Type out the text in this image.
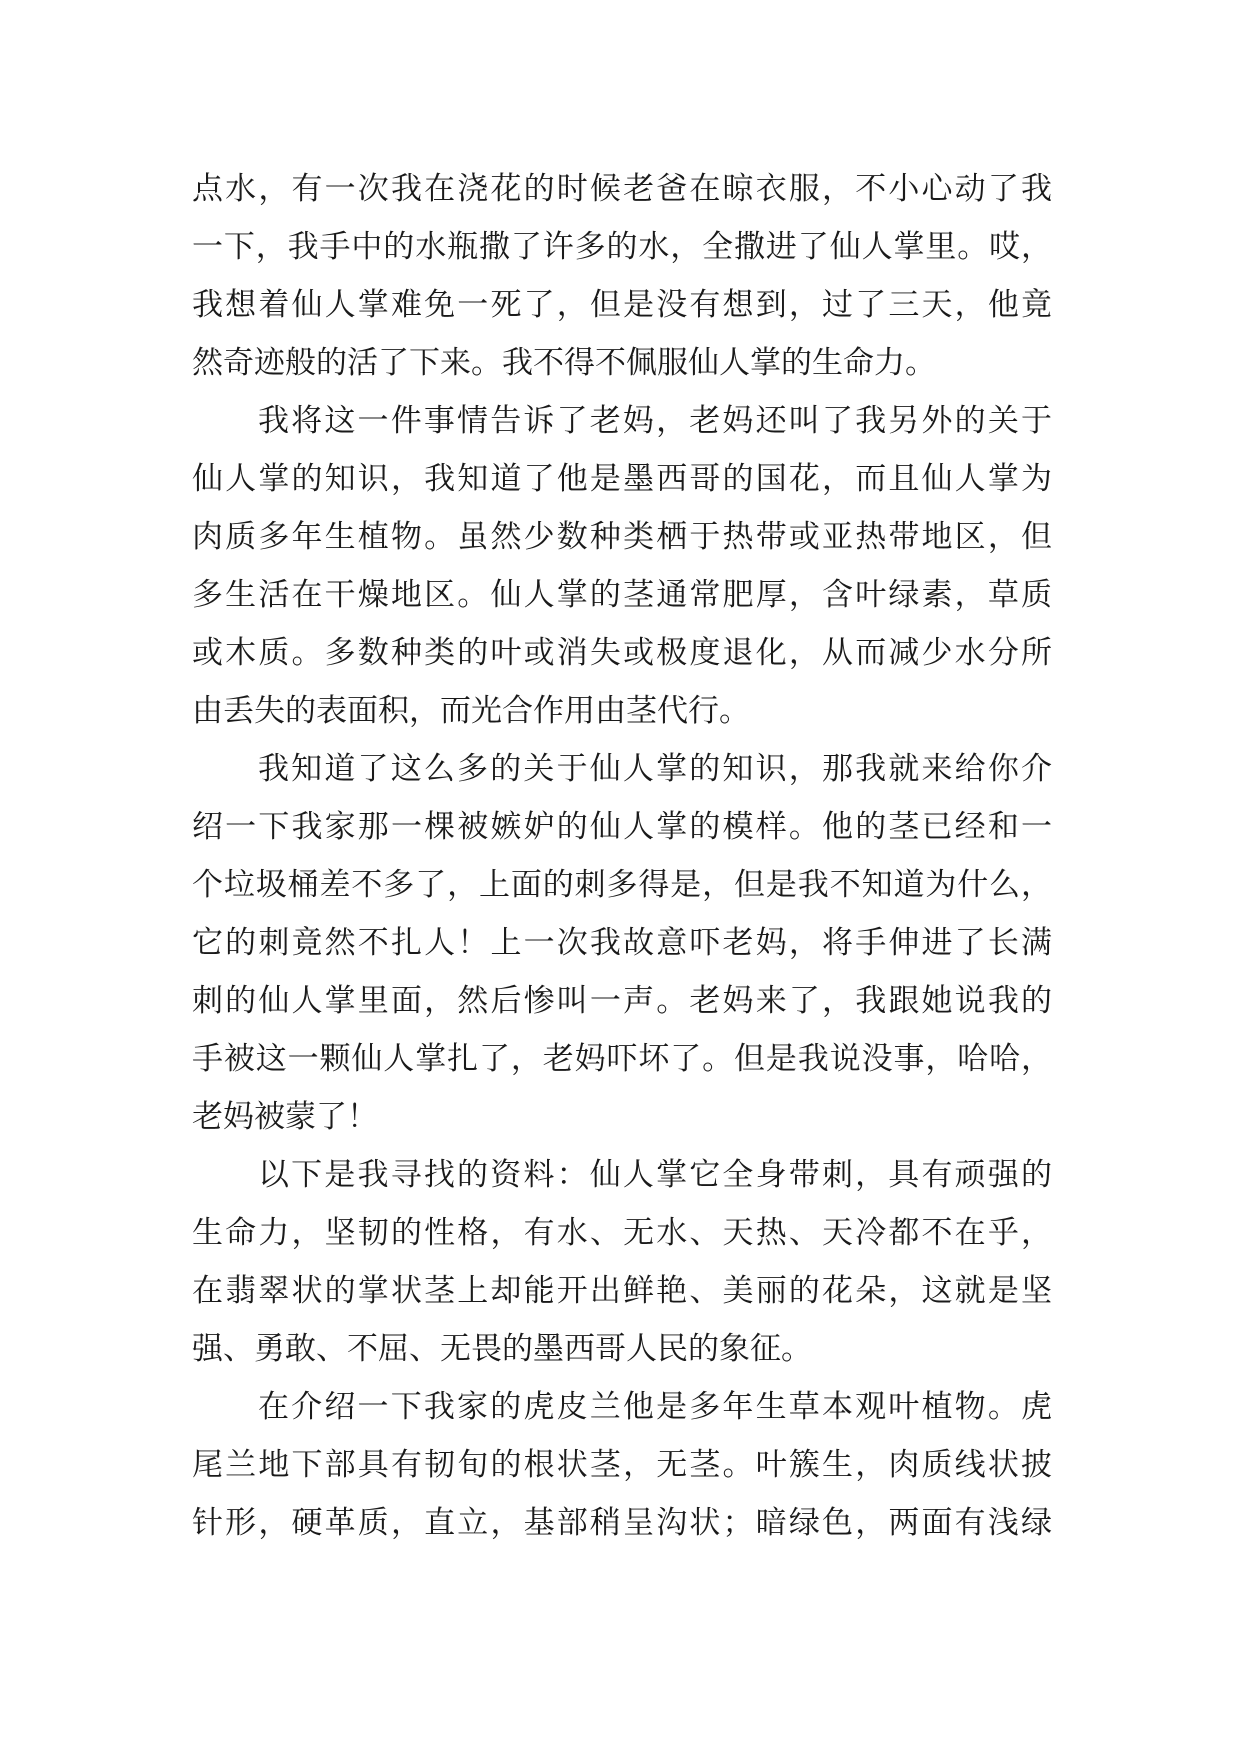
点水，有一次我在浇花的时候老爸在晾衣服，不小心动了我
一下，我手中的水瓶撒了许多的水，全撒进了仙人掌里。哎，
我想着仙人掌难免一死了，但是没有想到，过了三天，他竟
然奇迹般的活了下来。我不得不佩服仙人掌的生命力。
我将这一件事情告诉了老妈，老妈还叫了我另外的关于
仙人掌的知识，我知道了他是墨西哥的国花，而且仙人掌为
肉质多年生植物。虽然少数种类栖于热带或亚热带地区，但
多生活在干燥地区。仙人掌的茎通常肥厚，含叶绿素，草质
或木质。多数种类的叶或消失或极度退化，从而减少水分所
由丢失的表面积，而光合作用由茎代行。
我知道了这么多的关于仙人掌的知识，那我就来给你介
绍一下我家那一棵被嫉妒的仙人掌的模样。他的茎已经和一
个垃圾桶差不多了，上面的刺多得是，但是我不知道为什么，
它的刺竟然不扎人！上一次我故意吓老妈，将手伸进了长满
刺的仙人掌里面，然后惨叫一声。老妈来了，我跟她说我的
手被这一颗仙人掌扎了，老妈吓坏了。但是我说没事，哈哈，
老妈被蒙了！
以下是我寻找的资料：仙人掌它全身带刺，具有顽强的
生命力，坚韧的性格，有水、无水、天热、天冷都不在乎，
在翡翠状的掌状茎上却能开出鲜艳、美丽的花朵，这就是坚
强、勇敢、不屈、无畏的墨西哥人民的象征。
在介绍一下我家的虎皮兰他是多年生草本观叶植物。虎
尾兰地下部具有韧旬的根状茎，无茎。叶簇生，肉质线状披
针形，硬革质，直立，基部稍呈沟状；暗绿色，两面有浅绿
